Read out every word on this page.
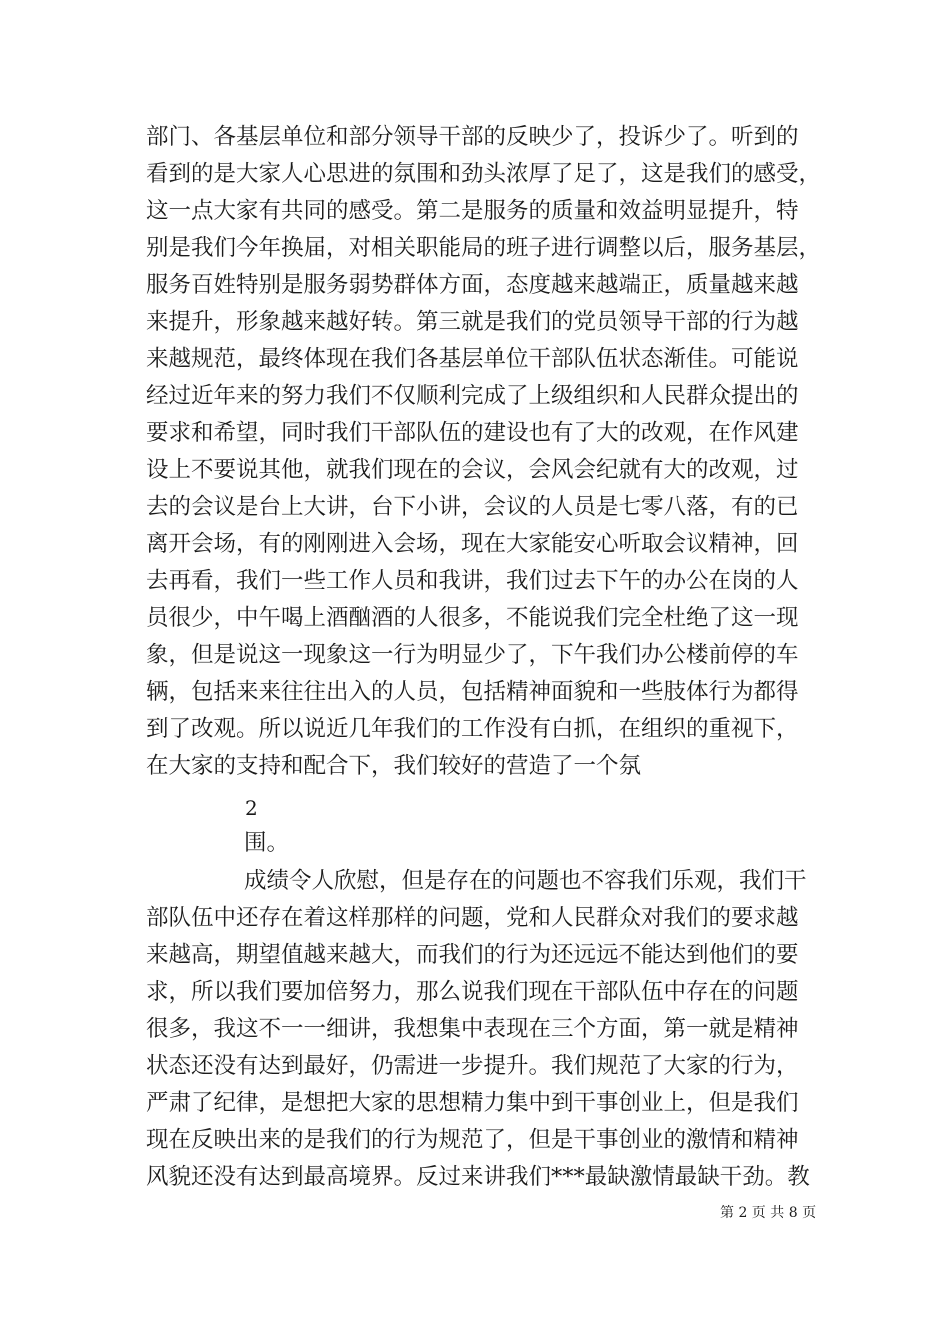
部门、各基层单位和部分领导干部的反映少了，投诉少了。听到的
看到的是大家人心思进的氛围和劲头浓厚了足了，这是我们的感受，
这一点大家有共同的感受。第二是服务的质量和效益明显提升，特
别是我们今年换届，对相关职能局的班子进行调整以后，服务基层，
服务百姓特别是服务弱势群体方面，态度越来越端正，质量越来越
来提升，形象越来越好转。第三就是我们的党员领导干部的行为越
来越规范，最终体现在我们各基层单位干部队伍状态渐佳。可能说
经过近年来的努力我们不仅顺利完成了上级组织和人民群众提出的
要求和希望，同时我们干部队伍的建设也有了大的改观，在作风建
设上不要说其他，就我们现在的会议，会风会纪就有大的改观，过
去的会议是台上大讲，台下小讲，会议的人员是七零八落，有的已
离开会场，有的刚刚进入会场，现在大家能安心听取会议精神，回
去再看，我们一些工作人员和我讲，我们过去下午的办公在岗的人
员很少，中午喝上酒酗酒的人很多，不能说我们完全杜绝了这一现
象，但是说这一现象这一行为明显少了，下午我们办公楼前停的车
辆，包括来来往往出入的人员，包括精神面貌和一些肢体行为都得
到了改观。所以说近几年我们的工作没有白抓，在组织的重视下，
在大家的支持和配合下，我们较好的营造了一个氛
2
围。
成绩令人欣慰，但是存在的问题也不容我们乐观，我们干
部队伍中还存在着这样那样的问题，党和人民群众对我们的要求越
来越高，期望值越来越大，而我们的行为还远远不能达到他们的要
求，所以我们要加倍努力，那么说我们现在干部队伍中存在的问题
很多，我这不一一细讲，我想集中表现在三个方面，第一就是精神
状态还没有达到最好，仍需进一步提升。我们规范了大家的行为，
严肃了纪律，是想把大家的思想精力集中到干事创业上，但是我们
现在反映出来的是我们的行为规范了，但是干事创业的激情和精神
风貌还没有达到最高境界。反过来讲我们***最缺激情最缺干劲。教
第 2 页 共 8 页
